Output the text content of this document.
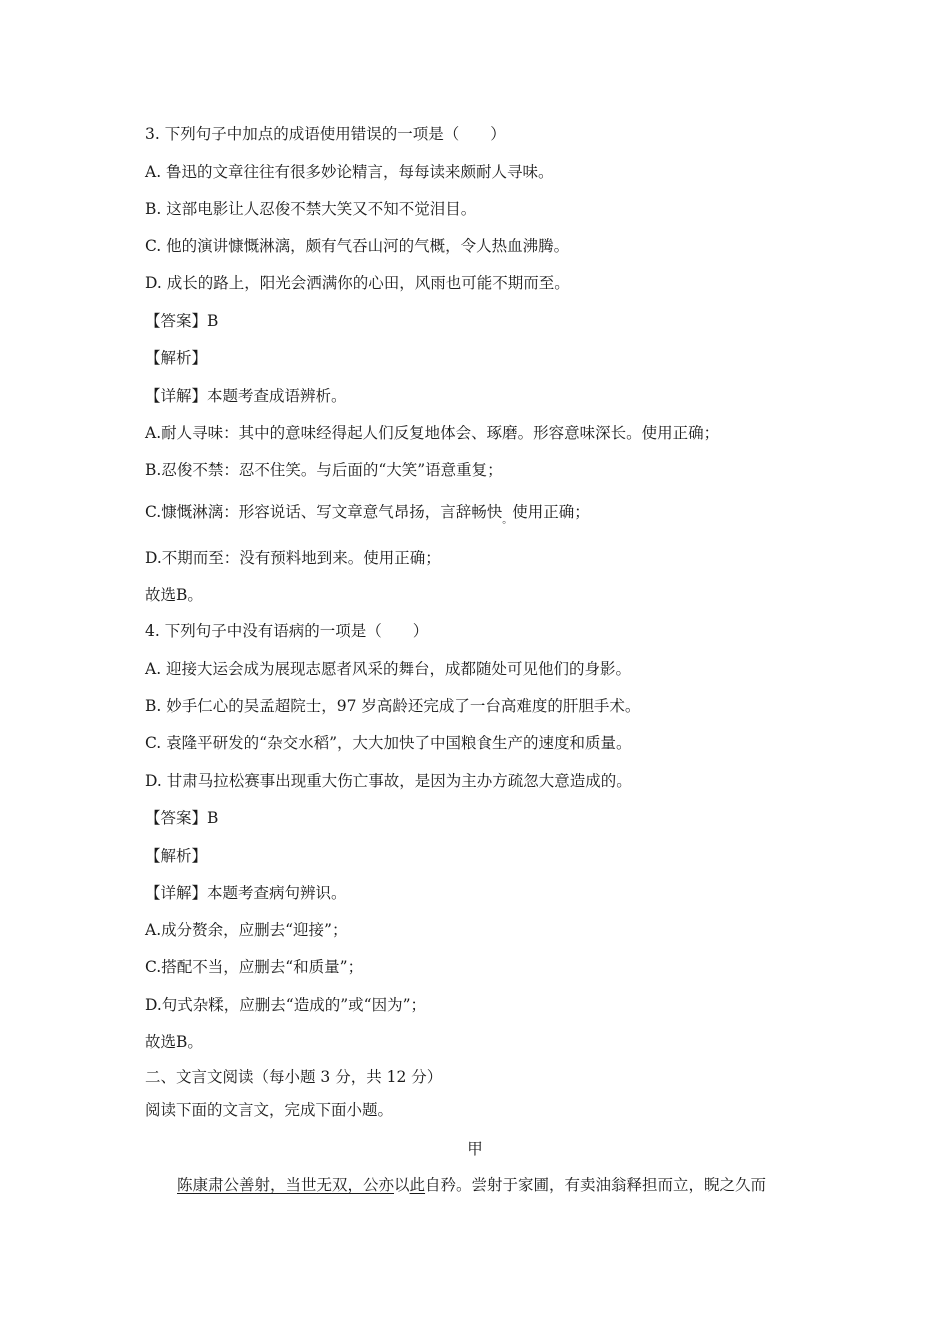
3. 下列句子中加点的成语使用错误的一项是（　　）
A. 鲁迅的文章往往有很多妙论精言，每每读来颇耐人寻味。
B. 这部电影让人忍俊不禁大笑又不知不觉泪目。
C. 他的演讲慷慨淋漓，颇有气吞山河的气概，令人热血沸腾。
D. 成长的路上，阳光会洒满你的心田，风雨也可能不期而至。
【答案】B
【解析】
【详解】本题考查成语辨析。
A.耐人寻味：其中的意味经得起人们反复地体会、琢磨。形容意味深长。使用正确；
B.忍俊不禁：忍不住笑。与后面的“大笑”语意重复；
C.慷慨淋漓：形容说话、写文章意气昂扬，言辞畅快$_。$使用正确；
D.不期而至：没有预料地到来。使用正确；
故选B。
4. 下列句子中没有语病的一项是（　　）
A. 迎接大运会成为展现志愿者风采的舞台，成都随处可见他们的身影。
B. 妙手仁心的吴孟超院士，97 岁高龄还完成了一台高难度的肝胆手术。
C. 袁隆平研发的“杂交水稻”，大大加快了中国粮食生产的速度和质量。
D. 甘肃马拉松赛事出现重大伤亡事故，是因为主办方疏忽大意造成的。
【答案】B
【解析】
【详解】本题考查病句辨识。
A.成分赘余，应删去“迎接”；
C.搭配不当，应删去“和质量”；
D.句式杂糅，应删去“造成的”或“因为”；
故选B。
二、文言文阅读（每小题 3 分，共 12 分）
阅读下面的文言文，完成下面小题。
甲
陈康肃公善射，当世无双，公亦以此自矜。尝射于家圃，有卖油翁释担而立，睨之久而
